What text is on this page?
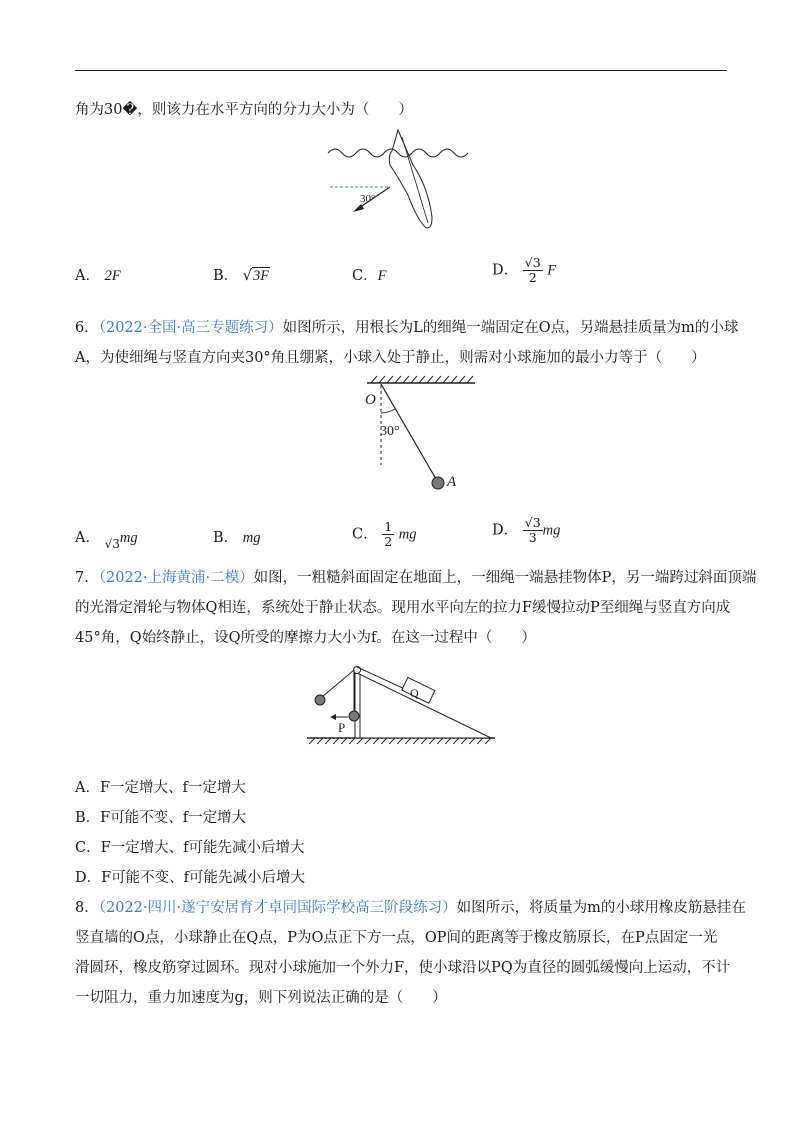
角为30�，则该力在水平方向的分力大小为（　　）
30°
A． 2F	B． √3F	C．F	D． $\frac{√3}{2}$ F
6．（2022·全国·高三专题练习）如图所示，用根长为L的细绳一端固定在O点，另端悬挂质量为m的小球
A，为使细绳与竖直方向夹30°角且绷紧，小球入处于静止，则需对小球施加的最小力等于（　　）
O
30°
A
A． $_{√3}$mg	B． mg	C． $\frac{1}{2}$ mg	D． $\frac{√3}{3}$ mg
7．（2022·上海黄浦·二模）如图，一粗糙斜面固定在地面上，一细绳一端悬挂物体P，另一端跨过斜面顶端
的光滑定滑轮与物体Q相连，系统处于静止状态。现用水平向左的拉力F缓慢拉动P至细绳与竖直方向成
45°角，Q始终静止，设Q所受的摩擦力大小为f。在这一过程中（　　）
Q
P
A．F一定增大、f一定增大
B．F可能不变、f一定增大
C．F一定增大、f可能先减小后增大
D．F可能不变、f可能先减小后增大
8．（2022·四川·遂宁安居育才卓同国际学校高三阶段练习）如图所示，将质量为m的小球用橡皮筋悬挂在
竖直墙的O点，小球静止在Q点，P为O点正下方一点，OP间的距离等于橡皮筋原长，在P点固定一光
滑圆环，橡皮筋穿过圆环。现对小球施加一个外力F，使小球沿以PQ为直径的圆弧缓慢向上运动，不计
一切阻力，重力加速度为g，则下列说法正确的是（　　）
